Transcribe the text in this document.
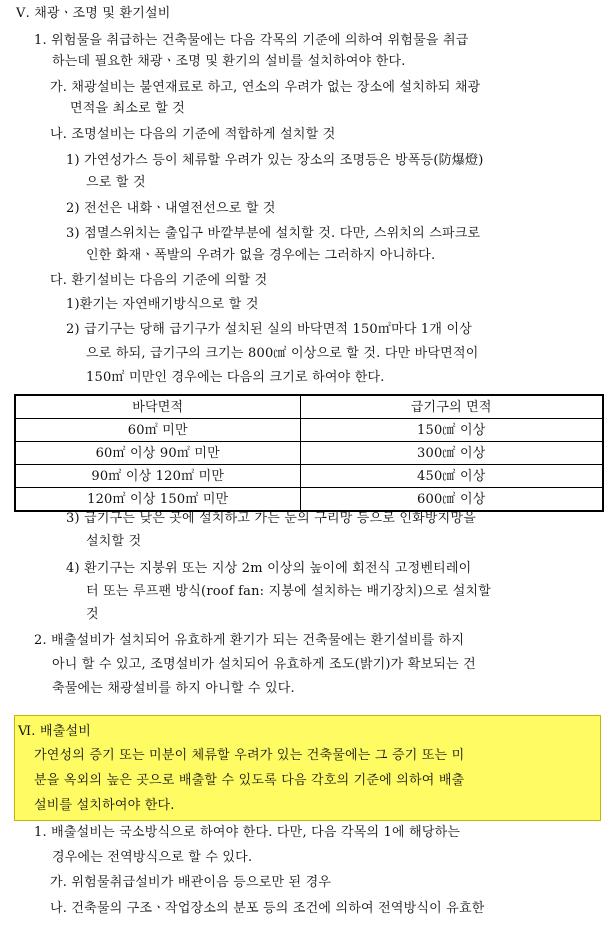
Ⅴ. 채광ㆍ조명 및 환기설비
1. 위험물을 취급하는 건축물에는 다음 각목의 기준에 의하여 위험물을 취급
하는데 필요한 채광ㆍ조명 및 환기의 설비를 설치하여야 한다.
가. 채광설비는 불연재료로 하고, 연소의 우려가 없는 장소에 설치하되 채광
면적을 최소로 할 것
나. 조명설비는 다음의 기준에 적합하게 설치할 것
1) 가연성가스 등이 체류할 우려가 있는 장소의 조명등은 방폭등(防爆燈)
으로 할 것
2) 전선은 내화ㆍ내열전선으로 할 것
3) 점멸스위치는 출입구 바깥부분에 설치할 것. 다만, 스위치의 스파크로
인한 화재ㆍ폭발의 우려가 없을 경우에는 그러하지 아니하다.
다. 환기설비는 다음의 기준에 의할 것
1)환기는 자연배기방식으로 할 것
2) 급기구는 당해 급기구가 설치된 실의 바닥면적 150㎡마다 1개 이상
으로 하되, 급기구의 크기는 800㎠ 이상으로 할 것. 다만 바닥면적이
150㎡ 미만인 경우에는 다음의 크기로 하여야 한다.
바닥면적	급기구의 면적
60㎡ 미만	150㎠ 이상
60㎡ 이상 90㎡ 미만	300㎠ 이상
90㎡ 이상 120㎡ 미만	450㎠ 이상
120㎡ 이상 150㎡ 미만	600㎠ 이상
3) 급기구는 낮은 곳에 설치하고 가는 눈의 구리망 등으로 인화방지망을
설치할 것
4) 환기구는 지붕위 또는 지상 2m 이상의 높이에 회전식 고정벤티레이
터 또는 루프팬 방식(roof fan: 지붕에 설치하는 배기장치)으로 설치할
것
2. 배출설비가 설치되어 유효하게 환기가 되는 건축물에는 환기설비를 하지
아니 할 수 있고, 조명설비가 설치되어 유효하게 조도(밝기)가 확보되는 건
축물에는 채광설비를 하지 아니할 수 있다.
Ⅵ. 배출설비
가연성의 증기 또는 미분이 체류할 우려가 있는 건축물에는 그 증기 또는 미
분을 옥외의 높은 곳으로 배출할 수 있도록 다음 각호의 기준에 의하여 배출
설비를 설치하여야 한다.
1. 배출설비는 국소방식으로 하여야 한다. 다만, 다음 각목의 1에 해당하는
경우에는 전역방식으로 할 수 있다.
가. 위험물취급설비가 배관이음 등으로만 된 경우
나. 건축물의 구조ㆍ작업장소의 분포 등의 조건에 의하여 전역방식이 유효한
